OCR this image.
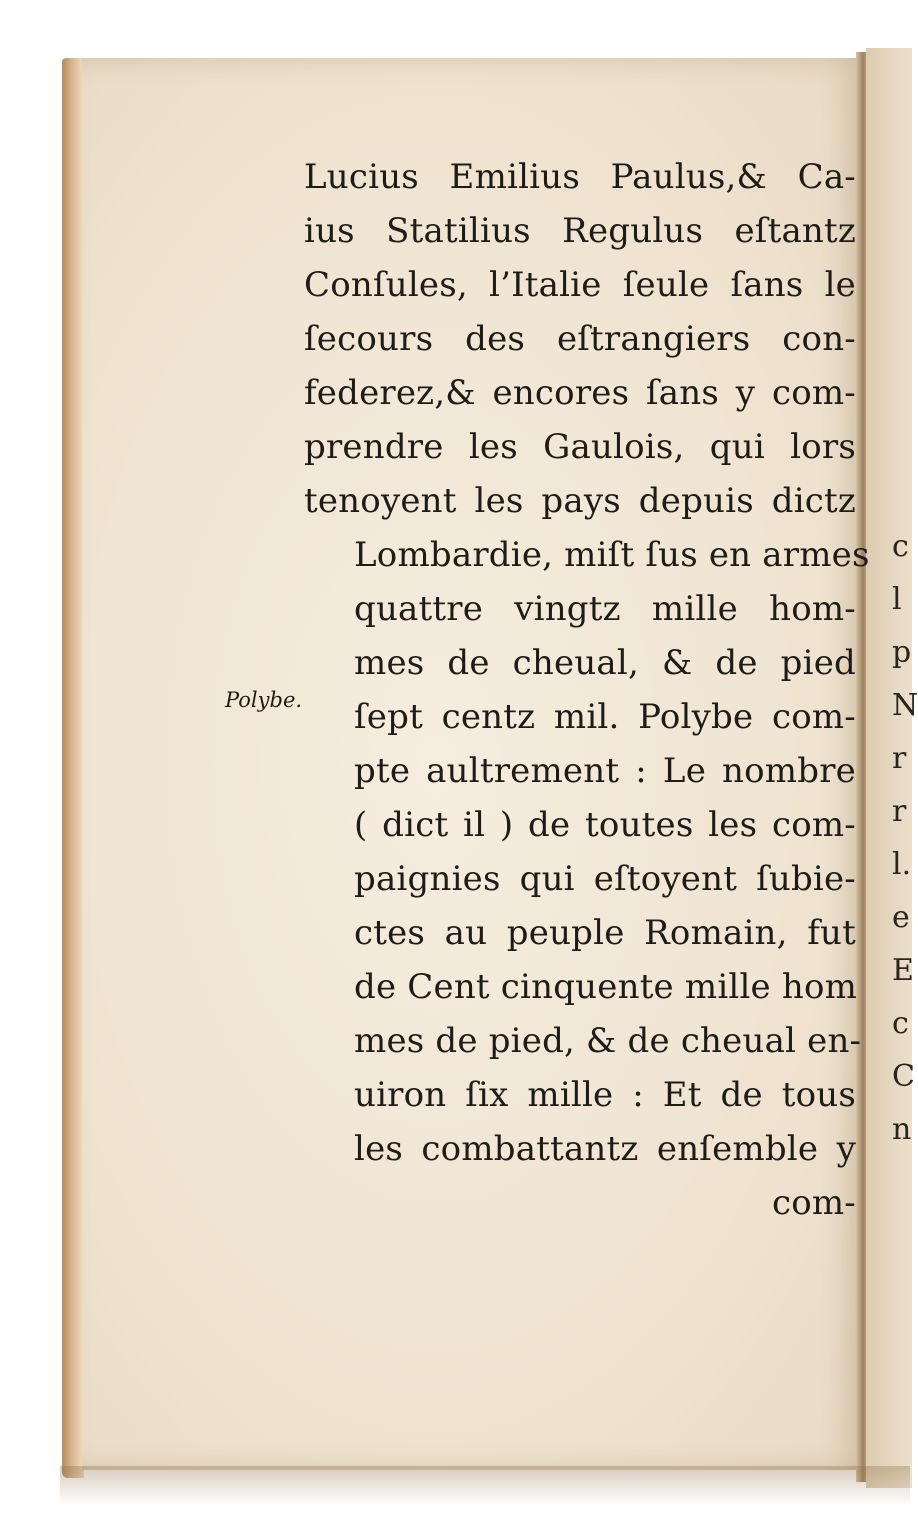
Lucius Emilius Paulus,& Ca-
ius Statilius Regulus eſtantz
Conſules, l’Italie ſeule ſans le
ſecours des eſtrangiers con-
federez,& encores ſans y com-
prendre les Gaulois, qui lors
tenoyent les pays depuis dictz
Lombardie, miſt ſus en armes
quattre vingtz mille hom-
mes de cheual, & de pied
ſept centz mil. Polybe com-
pte aultrement : Le nombre
( dict il ) de toutes les com-
paignies qui eſtoyent ſubie-
ctes au peuple Romain, fut
de Cent cinquente mille hom
mes de pied, & de cheual en-
uiron ſix mille : Et de tous
les combattantz enſemble y
com-
Polybe.
c
l
p
N
r
r
l.
e
E
c
C
n
